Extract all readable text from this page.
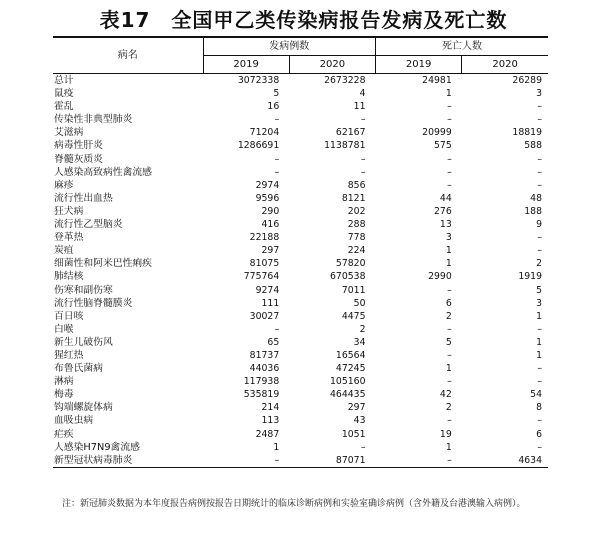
表17　全国甲乙类传染病报告发病及死亡数
病名	发病例数		死亡人数	
	2019	2020	2019	2020
总计	3072338	2673228	24981	26289
鼠疫	5	4	1	3
霍乱	16	11	–	–
传染性非典型肺炎	–	–	–	–
艾滋病	71204	62167	20999	18819
病毒性肝炎	1286691	1138781	575	588
脊髓灰质炎	–	–	–	–
人感染高致病性禽流感	–	–	–	–
麻疹	2974	856	–	–
流行性出血热	9596	8121	44	48
狂犬病	290	202	276	188
流行性乙型脑炎	416	288	13	9
登革热	22188	778	3	–
炭疽	297	224	1	–
细菌性和阿米巴性痢疾	81075	57820	1	2
肺结核	775764	670538	2990	1919
伤寒和副伤寒	9274	7011	–	5
流行性脑脊髓膜炎	111	50	6	3
百日咳	30027	4475	2	1
白喉	–	2	–	–
新生儿破伤风	65	34	5	1
猩红热	81737	16564	–	1
布鲁氏菌病	44036	47245	1	–
淋病	117938	105160	–	–
梅毒	535819	464435	42	54
钩端螺旋体病	214	297	2	8
血吸虫病	113	43	–	–
疟疾	2487	1051	19	6
人感染H7N9禽流感	1	–	1	–
新型冠状病毒肺炎	–	87071	–	4634
注：新冠肺炎数据为本年度报告病例按报告日期统计的临床诊断病例和实验室确诊病例（含外籍及台港澳输入病例）。
